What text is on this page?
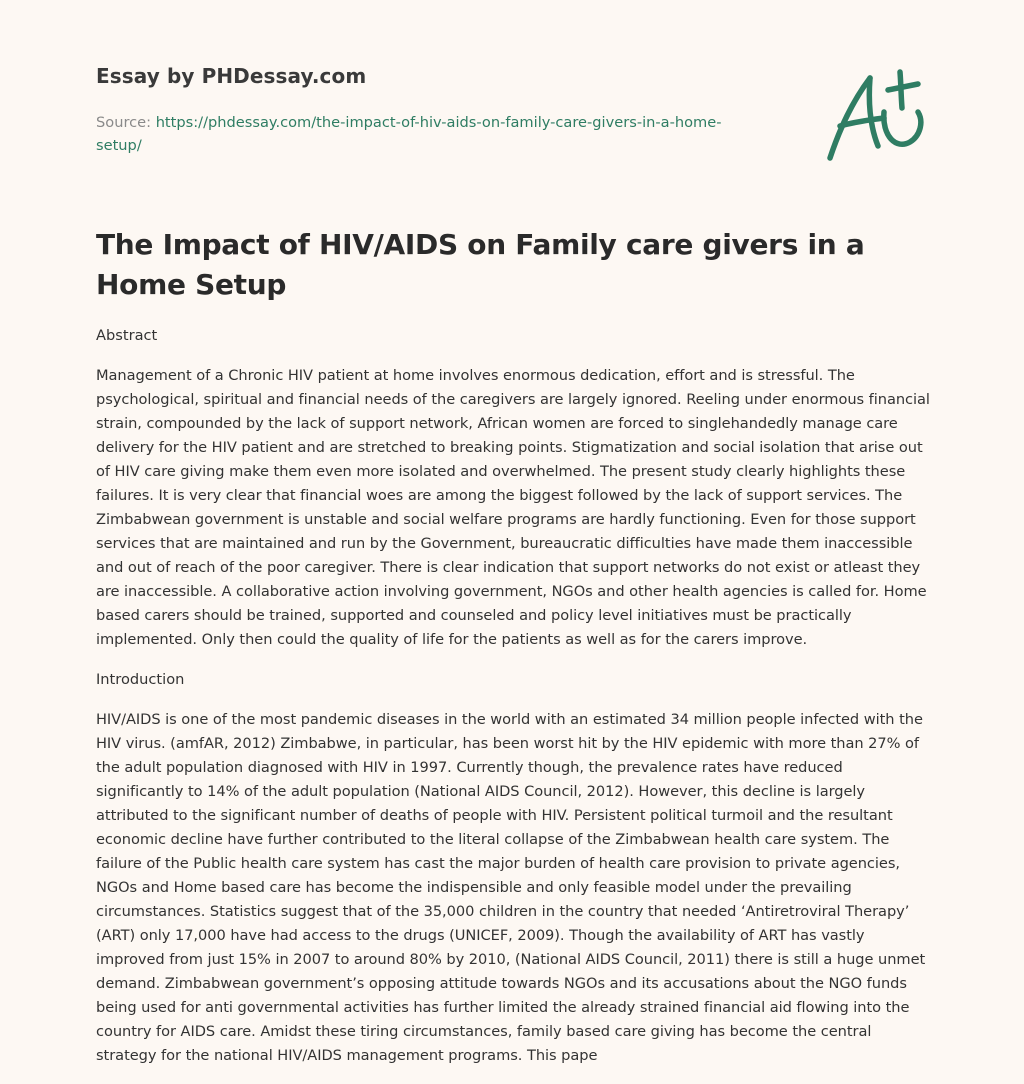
Essay by PHDessay.com
Source: https://phdessay.com/the-impact-of-hiv-aids-on-family-care-givers-in-a-home-setup/
The Impact of HIV/AIDS on Family care givers in a Home Setup

Abstract

Management of a Chronic HIV patient at home involves enormous dedication, effort and is stressful. The psychological, spiritual and financial needs of the caregivers are largely ignored. Reeling under enormous financial strain, compounded by the lack of support network, African women are forced to singlehandedly manage care delivery for the HIV patient and are stretched to breaking points. Stigmatization and social isolation that arise out of HIV care giving make them even more isolated and overwhelmed. The present study clearly highlights these failures. It is very clear that financial woes are among the biggest followed by the lack of support services. The Zimbabwean government is unstable and social welfare programs are hardly functioning. Even for those support services that are maintained and run by the Government, bureaucratic difficulties have made them inaccessible and out of reach of the poor caregiver. There is clear indication that support networks do not exist or atleast they are inaccessible. A collaborative action involving government, NGOs and other health agencies is called for. Home based carers should be trained, supported and counseled and policy level initiatives must be practically implemented. Only then could the quality of life for the patients as well as for the carers improve.

Introduction

HIV/AIDS is one of the most pandemic diseases in the world with an estimated 34 million people infected with the HIV virus. (amfAR, 2012) Zimbabwe, in particular, has been worst hit by the HIV epidemic with more than 27% of the adult population diagnosed with HIV in 1997. Currently though, the prevalence rates have reduced significantly to 14% of the adult population (National AIDS Council, 2012). However, this decline is largely attributed to the significant number of deaths of people with HIV. Persistent political turmoil and the resultant economic decline have further contributed to the literal collapse of the Zimbabwean health care system. The failure of the Public health care system has cast the major burden of health care provision to private agencies, NGOs and Home based care has become the indispensible and only feasible model under the prevailing circumstances. Statistics suggest that of the 35,000 children in the country that needed ‘Antiretroviral Therapy’ (ART) only 17,000 have had access to the drugs (UNICEF, 2009). Though the availability of ART has vastly improved from just 15% in 2007 to around 80% by 2010, (National AIDS Council, 2011) there is still a huge unmet demand. Zimbabwean government’s opposing attitude towards NGOs and its accusations about the NGO funds being used for anti governmental activities has further limited the already strained financial aid flowing into the country for AIDS care. Amidst these tiring circumstances, family based care giving has become the central strategy for the national HIV/AIDS management programs. This pape
